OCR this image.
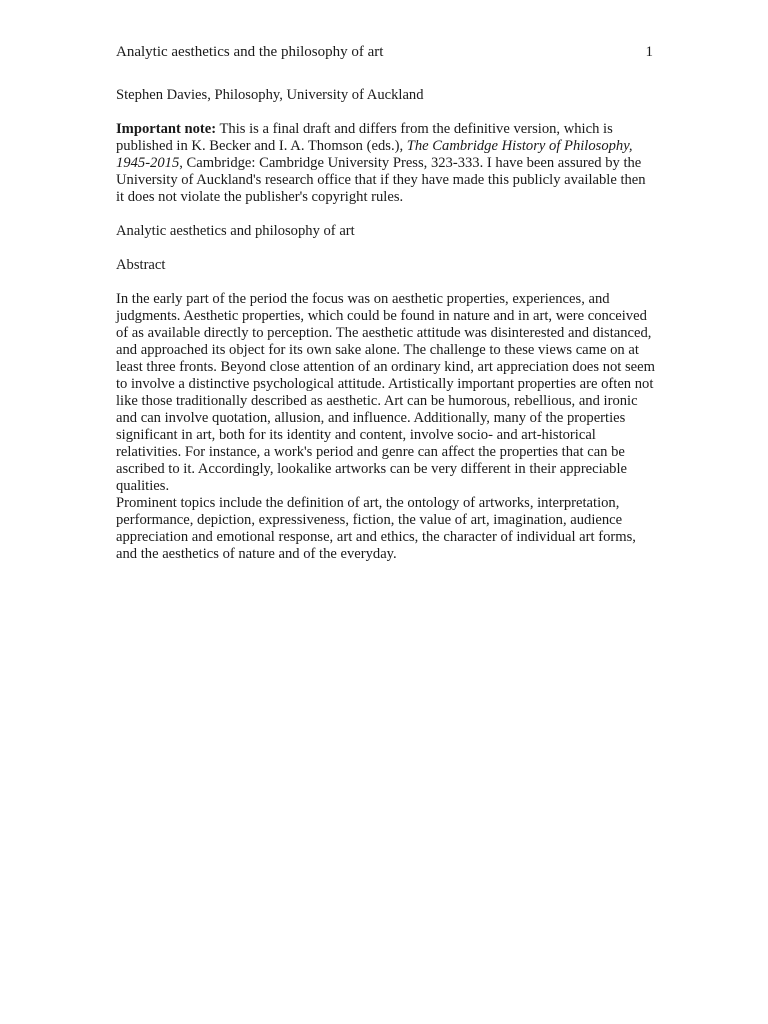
Analytic aesthetics and the philosophy of art	1

Stephen Davies, Philosophy, University of Auckland

Important note: This is a final draft and differs from the definitive version, which is published in K. Becker and I. A. Thomson (eds.), The Cambridge History of Philosophy, 1945-2015, Cambridge: Cambridge University Press, 323-333. I have been assured by the University of Auckland's research office that if they have made this publicly available then it does not violate the publisher's copyright rules.

Analytic aesthetics and philosophy of art

Abstract

In the early part of the period the focus was on aesthetic properties, experiences, and judgments. Aesthetic properties, which could be found in nature and in art, were conceived of as available directly to perception. The aesthetic attitude was disinterested and distanced, and approached its object for its own sake alone. The challenge to these views came on at least three fronts. Beyond close attention of an ordinary kind, art appreciation does not seem to involve a distinctive psychological attitude. Artistically important properties are often not like those traditionally described as aesthetic. Art can be humorous, rebellious, and ironic and can involve quotation, allusion, and influence. Additionally, many of the properties significant in art, both for its identity and content, involve socio- and art-historical relativities. For instance, a work's period and genre can affect the properties that can be ascribed to it. Accordingly, lookalike artworks can be very different in their appreciable qualities.

Prominent topics include the definition of art, the ontology of artworks, interpretation, performance, depiction, expressiveness, fiction, the value of art, imagination, audience appreciation and emotional response, art and ethics, the character of individual art forms, and the aesthetics of nature and of the everyday.
